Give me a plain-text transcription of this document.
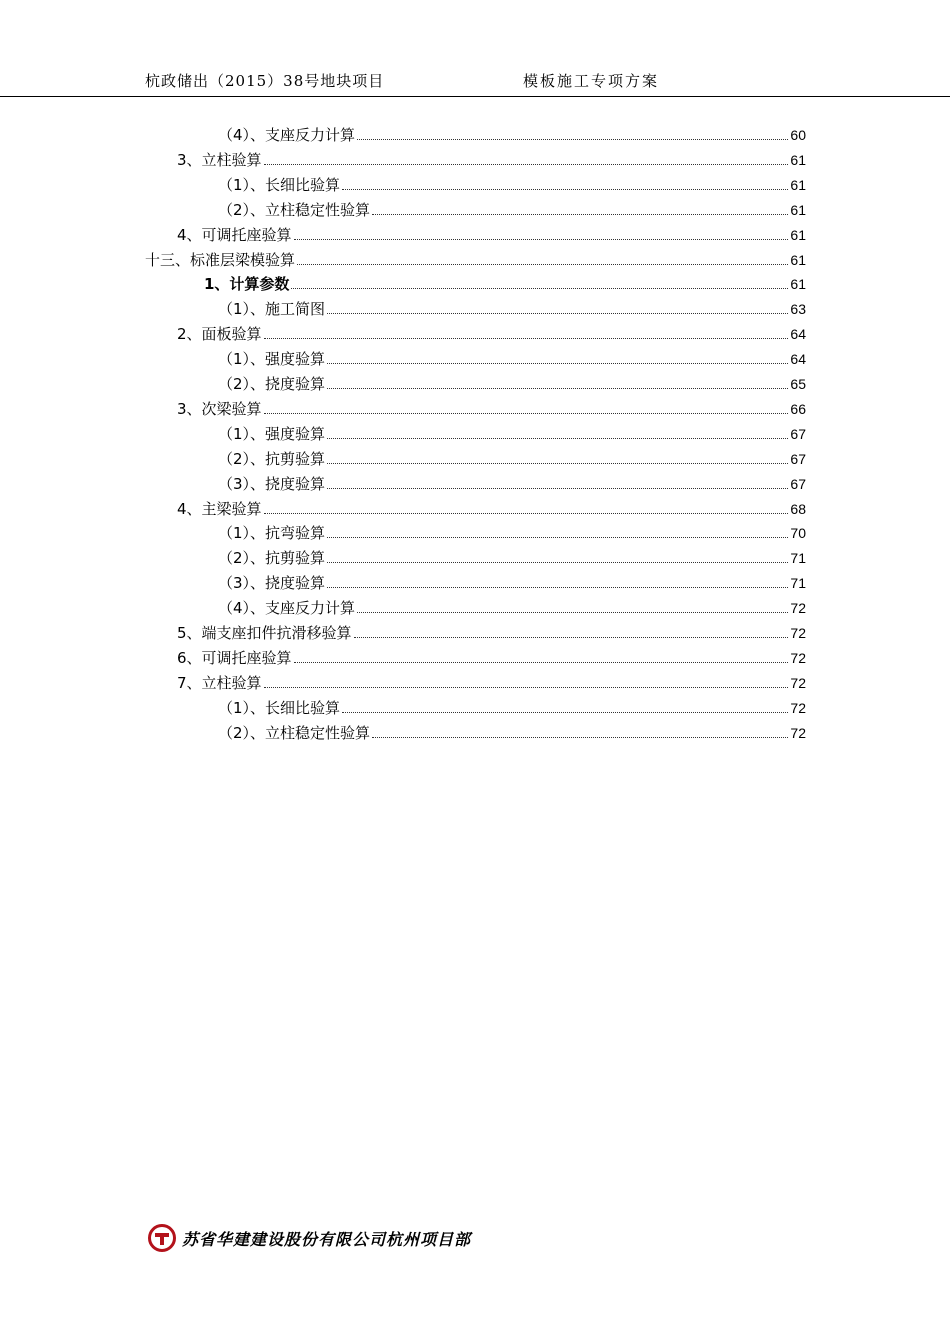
杭政储出（2015）38号地块项目	模板施工专项方案
（4）、支座反力计算	60
3、立柱验算	61
（1）、长细比验算	61
（2）、立柱稳定性验算	61
4、可调托座验算	61
十三、标准层梁模验算	61
1、计算参数	61
（1）、施工简图	63
2、面板验算	64
（1）、强度验算	64
（2）、挠度验算	65
3、次梁验算	66
（1）、强度验算	67
（2）、抗剪验算	67
（3）、挠度验算	67
4、主梁验算	68
（1）、抗弯验算	70
（2）、抗剪验算	71
（3）、挠度验算	71
（4）、支座反力计算	72
5、端支座扣件抗滑移验算	72
6、可调托座验算	72
7、立柱验算	72
（1）、长细比验算	72
（2）、立柱稳定性验算	72
苏省华建建设股份有限公司杭州项目部
